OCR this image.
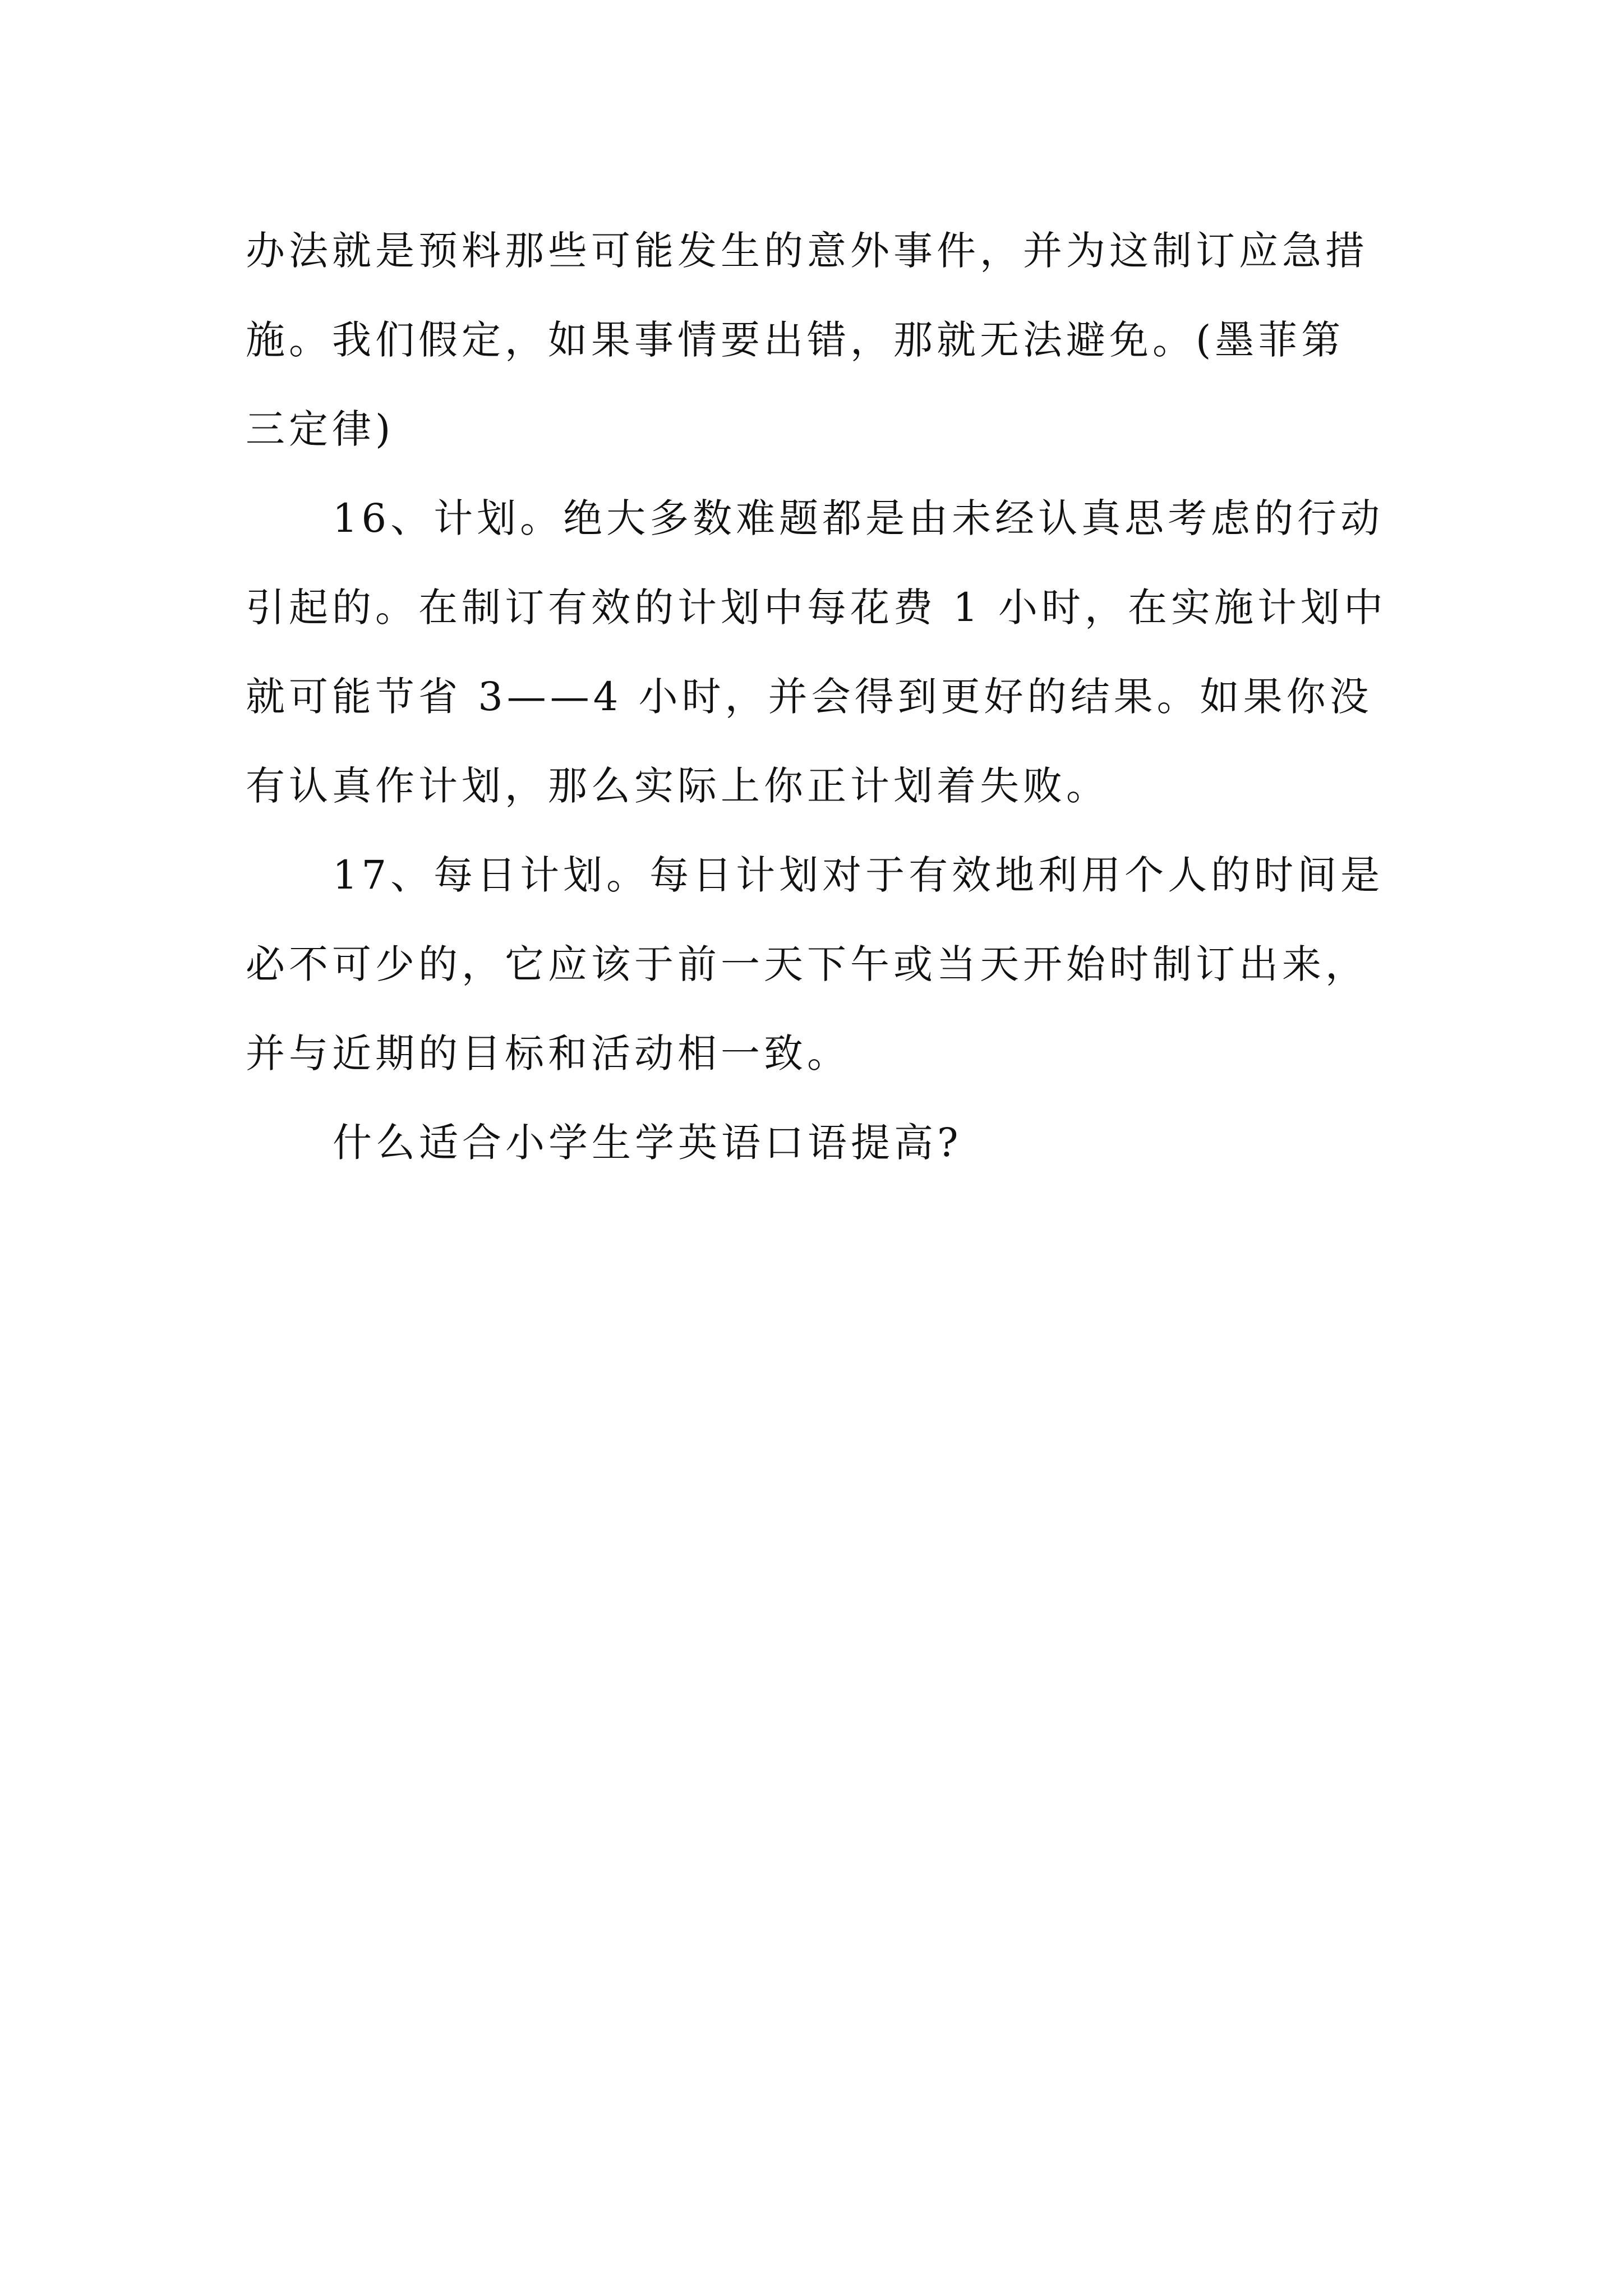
办法就是预料那些可能发生的意外事件，并为这制订应急措
施。我们假定，如果事情要出错，那就无法避免。(墨菲第
三定律)
16、计划。绝大多数难题都是由未经认真思考虑的行动
引起的。在制订有效的计划中每花费 1 小时，在实施计划中
就可能节省 3——4 小时，并会得到更好的结果。如果你没
有认真作计划，那么实际上你正计划着失败。
17、每日计划。每日计划对于有效地利用个人的时间是
必不可少的，它应该于前一天下午或当天开始时制订出来，
并与近期的目标和活动相一致。
什么适合小学生学英语口语提高?
